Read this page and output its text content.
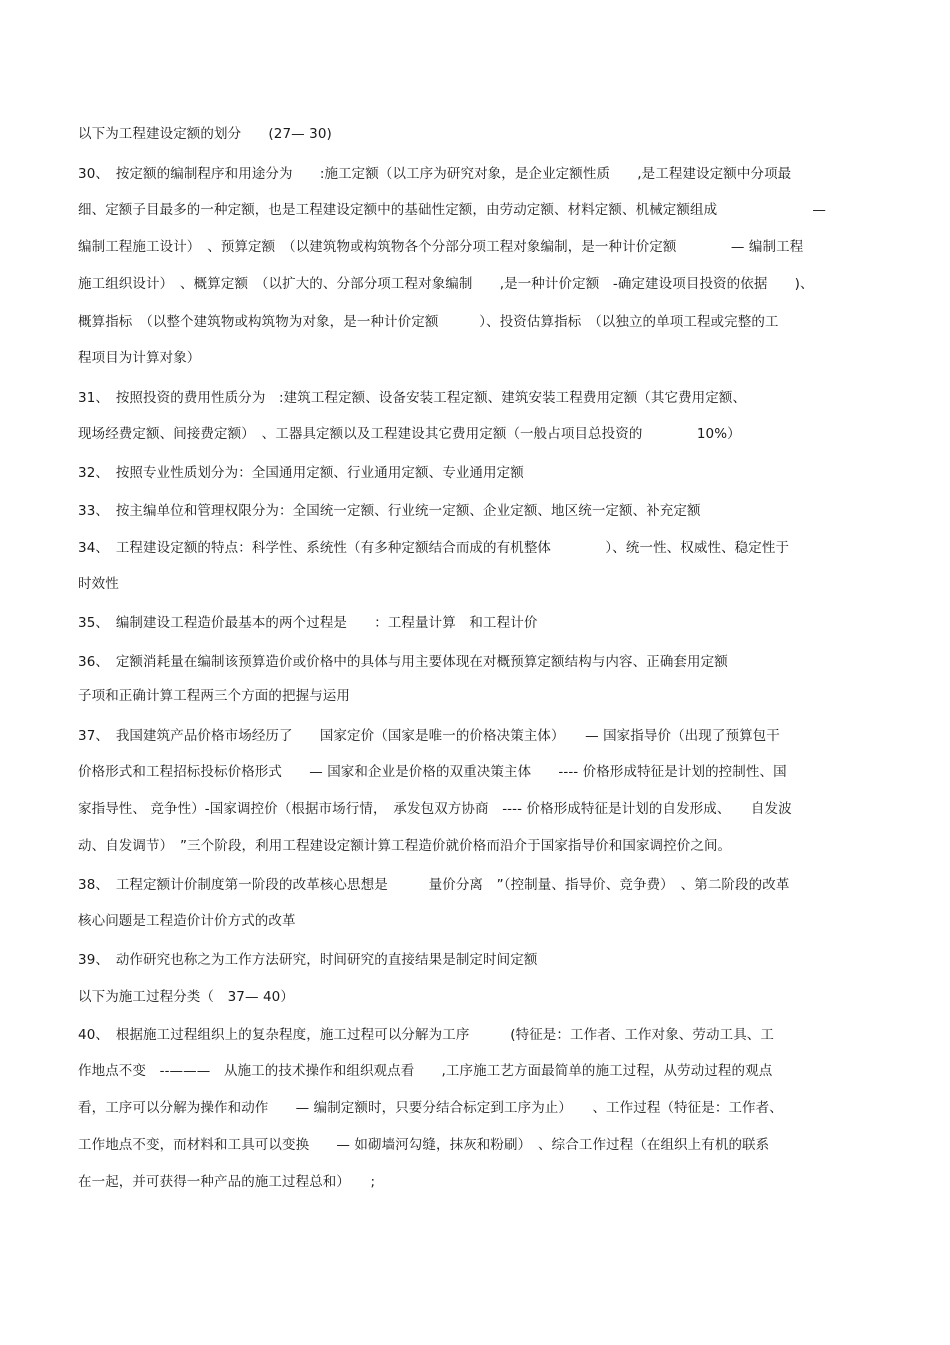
以下为工程建设定额的划分　　(27— 30)
30、　按定额的编制程序和用途分为　　:施工定额（以工序为研究对象，是企业定额性质　　,是工程建设定额中分项最
细、定额子目最多的一种定额，也是工程建设定额中的基础性定额，由劳动定额、材料定额、机械定额组成　　　　　　　—
编制工程施工设计）　、预算定额　（以建筑物或构筑物各个分部分项工程对象编制，是一种计价定额　　　　— 编制工程
施工组织设计）　、概算定额　（以扩大的、分部分项工程对象编制　　,是一种计价定额　-确定建设项目投资的依据　　)、
概算指标　（以整个建筑物或构筑物为对象，是一种计价定额　　　）、投资估算指标　（以独立的单项工程或完整的工
程项目为计算对象）
31、　按照投资的费用性质分为　:建筑工程定额、设备安装工程定额、建筑安装工程费用定额（其它费用定额、
现场经费定额、间接费定额）　、工器具定额以及工程建设其它费用定额（一般占项目总投资的　　　　10%）
32、　按照专业性质划分为：全国通用定额、行业通用定额、专业通用定额
33、　按主编单位和管理权限分为：全国统一定额、行业统一定额、企业定额、地区统一定额、补充定额
34、　工程建设定额的特点：科学性、系统性（有多种定额结合而成的有机整体　　　　）、统一性、权威性、稳定性于
时效性
35、　编制建设工程造价最基本的两个过程是　　：工程量计算　和工程计价
36、　定额消耗量在编制该预算造价或价格中的具体与用主要体现在对概预算定额结构与内容、正确套用定额
子项和正确计算工程两三个方面的把握与运用
37、　我国建筑产品价格市场经历了　　国家定价（国家是唯一的价格决策主体）　　— 国家指导价（出现了预算包干
价格形式和工程招标投标价格形式　　— 国家和企业是价格的双重决策主体　　---- 价格形成特征是计划的控制性、国
家指导性、 竞争性）-国家调控价（根据市场行情，　承发包双方协商　---- 价格形成特征是计划的自发形成、　　自发波
动、自发调节）　”三个阶段，利用工程建设定额计算工程造价就价格而沿介于国家指导价和国家调控价之间。
38、　工程定额计价制度第一阶段的改革核心思想是　　　量价分离　”（控制量、指导价、竞争费）　、第二阶段的改革
核心问题是工程造价计价方式的改革
39、　动作研究也称之为工作方法研究，时间研究的直接结果是制定时间定额
以下为施工过程分类（　37— 40）
40、　根据施工过程组织上的复杂程度，施工过程可以分解为工序　　　(特征是：工作者、工作对象、劳动工具、工
作地点不变　--———　从施工的技术操作和组织观点看　　,工序施工艺方面最简单的施工过程，从劳动过程的观点
看，工序可以分解为操作和动作　　— 编制定额时，只要分结合标定到工序为止）　　、工作过程（特征是：工作者、
工作地点不变，而材料和工具可以变换　　— 如砌墙河勾缝，抹灰和粉刷）　、综合工作过程（在组织上有机的联系
在一起，并可获得一种产品的施工过程总和）　　;
